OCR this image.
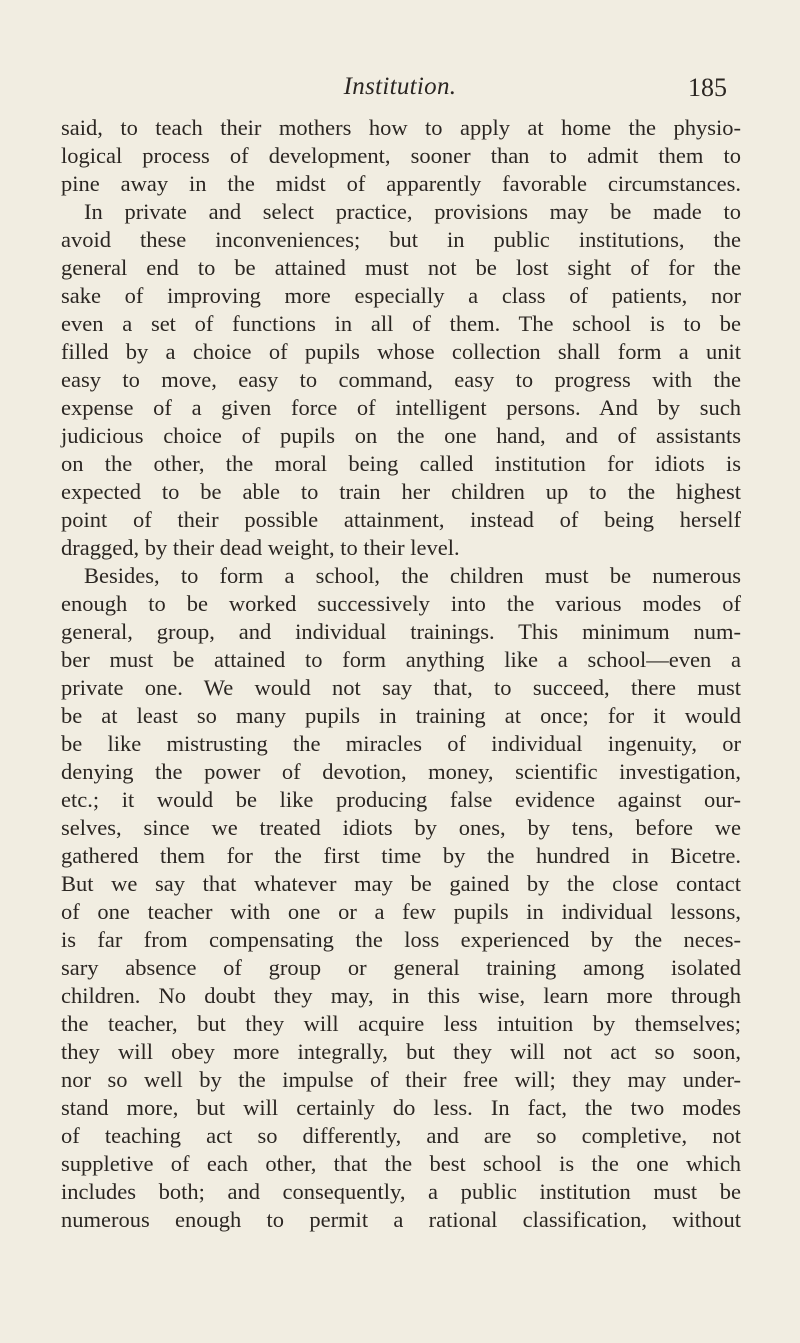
Institution.	185
said, to teach their mothers how to apply at home the physio-
logical process of development, sooner than to admit them to
pine away in the midst of apparently favorable circumstances.
In private and select practice, provisions may be made to
avoid these inconveniences; but in public institutions, the
general end to be attained must not be lost sight of for the
sake of improving more especially a class of patients, nor
even a set of functions in all of them. The school is to be
filled by a choice of pupils whose collection shall form a unit
easy to move, easy to command, easy to progress with the
expense of a given force of intelligent persons. And by such
judicious choice of pupils on the one hand, and of assistants
on the other, the moral being called institution for idiots is
expected to be able to train her children up to the highest
point of their possible attainment, instead of being herself
dragged, by their dead weight, to their level.
Besides, to form a school, the children must be numerous
enough to be worked successively into the various modes of
general, group, and individual trainings. This minimum num-
ber must be attained to form anything like a school—even a
private one. We would not say that, to succeed, there must
be at least so many pupils in training at once; for it would
be like mistrusting the miracles of individual ingenuity, or
denying the power of devotion, money, scientific investigation,
etc.; it would be like producing false evidence against our-
selves, since we treated idiots by ones, by tens, before we
gathered them for the first time by the hundred in Bicetre.
But we say that whatever may be gained by the close contact
of one teacher with one or a few pupils in individual lessons,
is far from compensating the loss experienced by the neces-
sary absence of group or general training among isolated
children. No doubt they may, in this wise, learn more through
the teacher, but they will acquire less intuition by themselves;
they will obey more integrally, but they will not act so soon,
nor so well by the impulse of their free will; they may under-
stand more, but will certainly do less. In fact, the two modes
of teaching act so differently, and are so completive, not
suppletive of each other, that the best school is the one which
includes both; and consequently, a public institution must be
numerous enough to permit a rational classification, without
